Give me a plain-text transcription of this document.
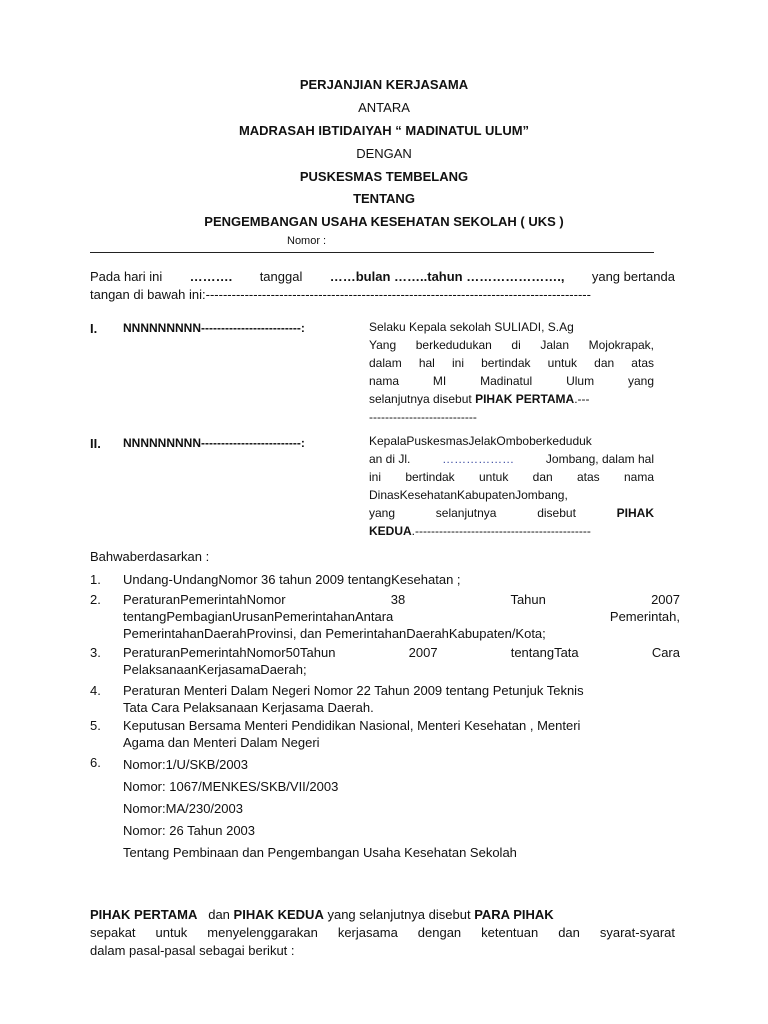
PERJANJIAN KERJASAMA
ANTARA
MADRASAH IBTIDAIYAH “ MADINATUL ULUM”
DENGAN
PUSKESMAS TEMBELANG
TENTANG
PENGEMBANGAN USAHA KESEHATAN SEKOLAH ( UKS )
Nomor :
Pada hari ini ………. tanggal ……bulan ……..tahun …………………., yang bertanda
tangan di bawah ini:-----------------------------------------------------------------------------------------
I. NNNNNNNNN-------------------------:	Selaku Kepala sekolah SULIADI, S.Ag
Yang berkedudukan di Jalan Mojokrapak,
dalam hal ini bertindak untuk dan atas
nama MI Madinatul Ulum yang
selanjutnya disebut PIHAK PERTAMA.---
---------------------------
II. NNNNNNNNN-------------------------:	KepalaPuskesmasJelakOmboberkeduduk
an di Jl.	………………	Jombang, dalam hal
ini bertindak untuk dan atas nama
DinasKesehatanKabupatenJombang,
yang	selanjutnya	disebut	PIHAK
KEDUA.--------------------------------------------
Bahwaberdasarkan :
1. Undang-UndangNomor 36 tahun 2009 tentangKesehatan ;
2. PeraturanPemerintahNomor	38	Tahun	2007
tentangPembagianUrusanPemerintahanAntara	Pemerintah,
PemerintahanDaerahProvinsi, dan PemerintahanDaerahKabupaten/Kota;
3. PeraturanPemerintahNomor50Tahun	2007	tentangTata	Cara
PelaksanaanKerjasamaDaerah;
4. Peraturan Menteri Dalam Negeri Nomor 22 Tahun 2009 tentang Petunjuk Teknis
Tata Cara Pelaksanaan Kerjasama Daerah.
5. Keputusan Bersama Menteri Pendidikan Nasional, Menteri Kesehatan , Menteri
Agama dan Menteri Dalam Negeri
6. Nomor:1/U/SKB/2003
Nomor: 1067/MENKES/SKB/VII/2003
Nomor:MA/230/2003
Nomor: 26 Tahun 2003
Tentang Pembinaan dan Pengembangan Usaha Kesehatan Sekolah
PIHAK PERTAMA dan PIHAK KEDUA yang selanjutnya disebut PARA PIHAK
sepakat untuk menyelenggarakan kerjasama dengan ketentuan dan syarat-syarat
dalam pasal-pasal sebagai berikut :
